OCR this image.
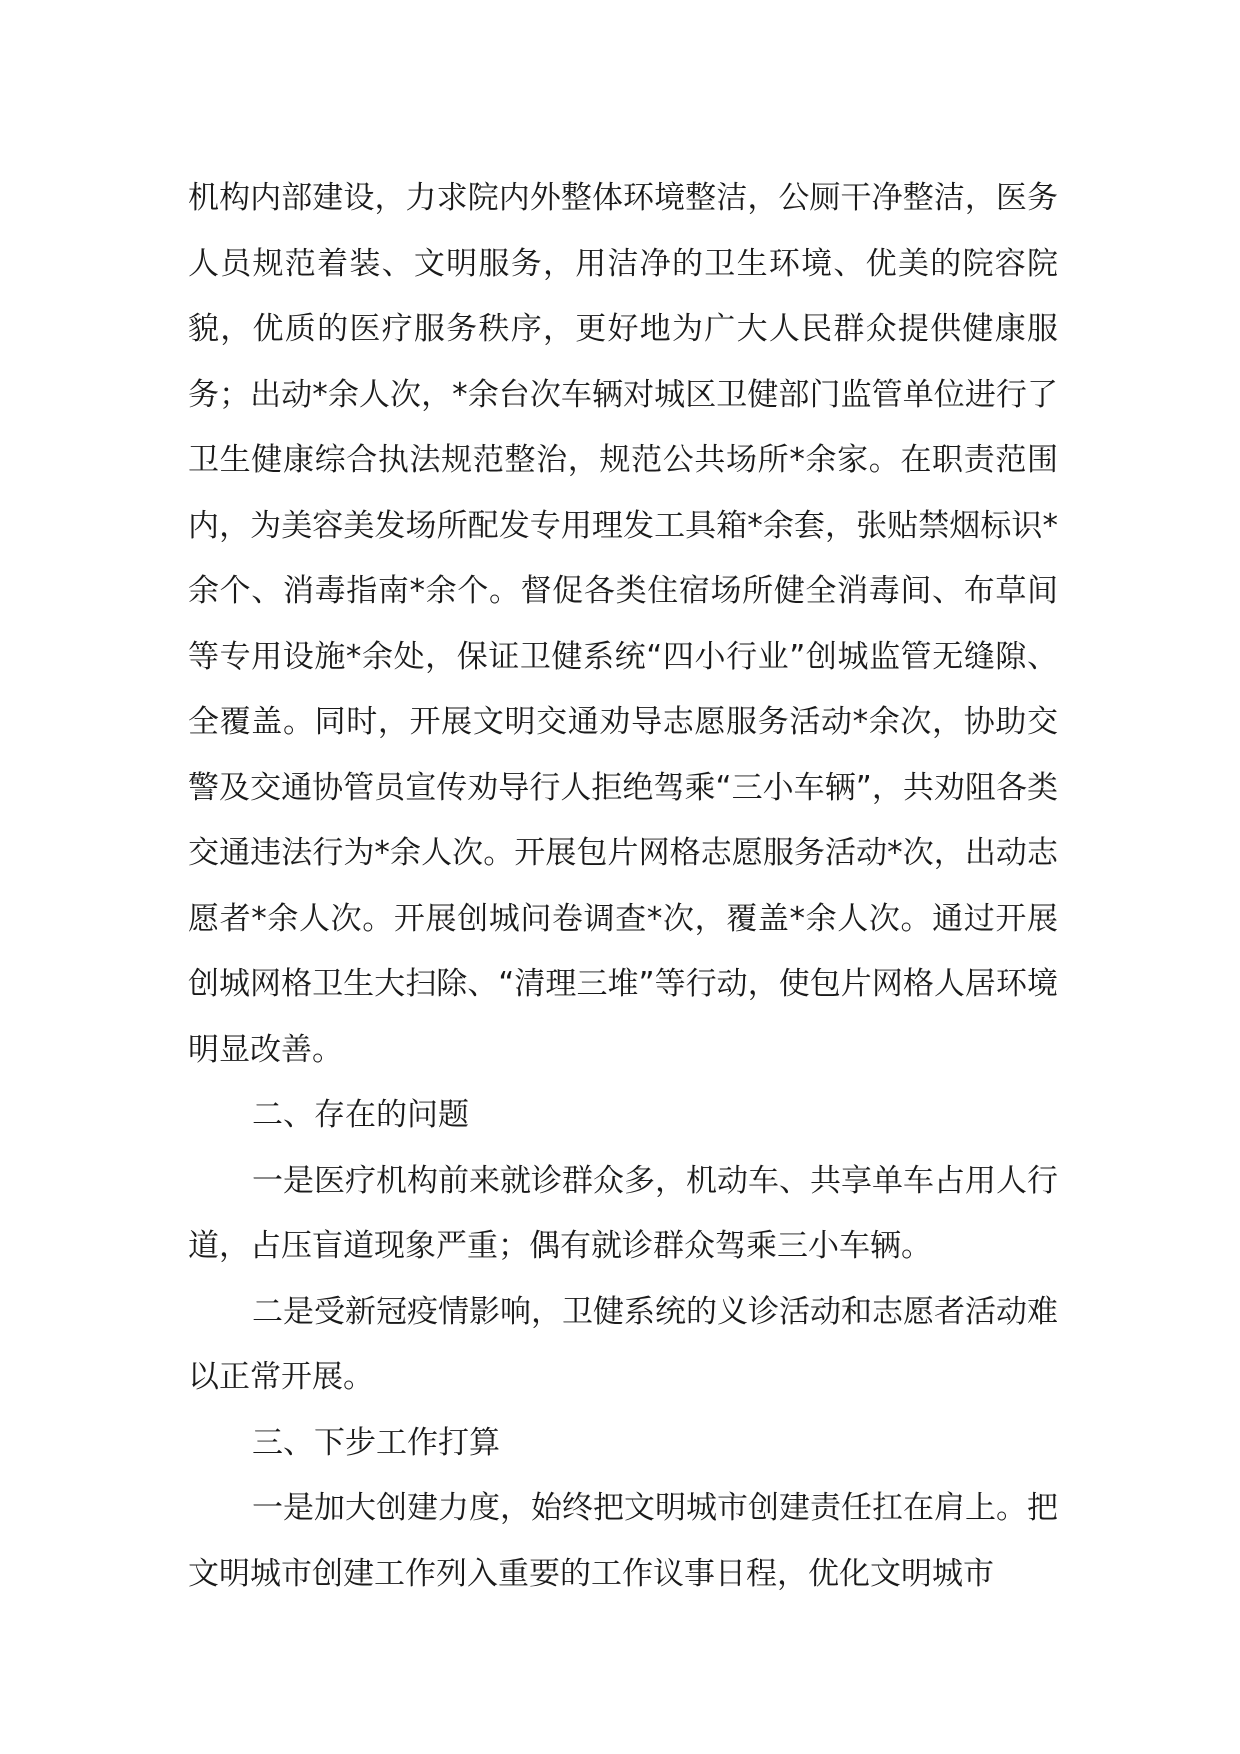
机构内部建设，力求院内外整体环境整洁，公厕干净整洁，医务人员规范着装、文明服务，用洁净的卫生环境、优美的院容院貌，优质的医疗服务秩序，更好地为广大人民群众提供健康服务；出动*余人次，*余台次车辆对城区卫健部门监管单位进行了卫生健康综合执法规范整治，规范公共场所*余家。在职责范围内，为美容美发场所配发专用理发工具箱*余套，张贴禁烟标识*余个、消毒指南*余个。督促各类住宿场所健全消毒间、布草间等专用设施*余处，保证卫健系统“四小行业”创城监管无缝隙、全覆盖。同时，开展文明交通劝导志愿服务活动*余次，协助交警及交通协管员宣传劝导行人拒绝驾乘“三小车辆”，共劝阻各类交通违法行为*余人次。开展包片网格志愿服务活动*次，出动志愿者*余人次。开展创城问卷调查*次，覆盖*余人次。通过开展创城网格卫生大扫除、“清理三堆”等行动，使包片网格人居环境明显改善。

二、存在的问题

一是医疗机构前来就诊群众多，机动车、共享单车占用人行道，占压盲道现象严重；偶有就诊群众驾乘三小车辆。

二是受新冠疫情影响，卫健系统的义诊活动和志愿者活动难以正常开展。

三、下步工作打算

一是加大创建力度，始终把文明城市创建责任扛在肩上。把文明城市创建工作列入重要的工作议事日程，优化文明城市
